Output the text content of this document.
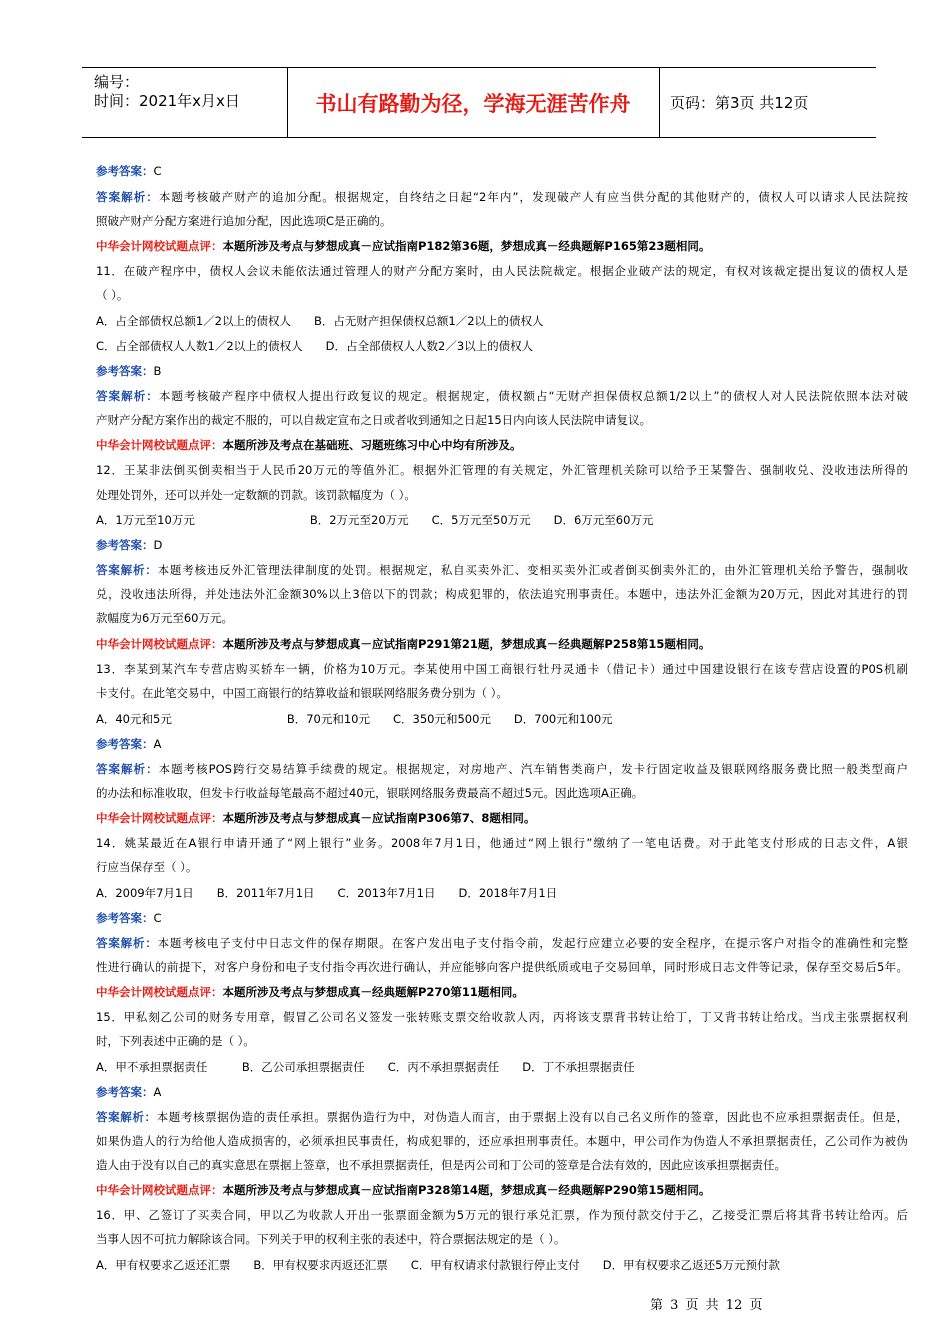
编号：
时间：2021年x月x日	书山有路勤为径，学海无涯苦作舟	页码：第3页 共12页
参考答案：C
答案解析：本题考核破产财产的追加分配。根据规定，自终结之日起“2年内”，发现破产人有应当供分配的其他财产的，债权人可以请求人民法院按
照破产财产分配方案进行追加分配，因此选项C是正确的。
中华会计网校试题点评：本题所涉及考点与梦想成真－应试指南P182第36题，梦想成真－经典题解P165第23题相同。
11．在破产程序中，债权人会议未能依法通过管理人的财产分配方案时，由人民法院裁定。根据企业破产法的规定，有权对该裁定提出复议的债权人是
（ ）。
A．占全部债权总额1／2以上的债权人　　B．占无财产担保债权总额1／2以上的债权人
C．占全部债权人人数1／2以上的债权人　　D．占全部债权人人数2／3以上的债权人
参考答案：B
答案解析：本题考核破产程序中债权人提出行政复议的规定。根据规定，债权额占“无财产担保债权总额1/2以上”的债权人对人民法院依照本法对破
产财产分配方案作出的裁定不服的，可以自裁定宣布之日或者收到通知之日起15日内向该人民法院申请复议。
中华会计网校试题点评：本题所涉及考点在基础班、习题班练习中心中均有所涉及。
12．王某非法倒买倒卖相当于人民币20万元的等值外汇。根据外汇管理的有关规定，外汇管理机关除可以给予王某警告、强制收兑、没收违法所得的
处理处罚外，还可以并处一定数额的罚款。该罚款幅度为（ ）。
A．1万元至10万元　　　　　　　　　　B．2万元至20万元　　C．5万元至50万元　　D．6万元至60万元
参考答案：D
答案解析：本题考核违反外汇管理法律制度的处罚。根据规定，私自买卖外汇、变相买卖外汇或者倒买倒卖外汇的，由外汇管理机关给予警告，强制收
兑，没收违法所得，并处违法外汇金额30%以上3倍以下的罚款；构成犯罪的，依法追究刑事责任。本题中，违法外汇金额为20万元，因此对其进行的罚
款幅度为6万元至60万元。
中华会计网校试题点评：本题所涉及考点与梦想成真－应试指南P291第21题，梦想成真－经典题解P258第15题相同。
13．李某到某汽车专营店购买轿车一辆，价格为10万元。李某使用中国工商银行牡丹灵通卡（借记卡）通过中国建设银行在该专营店设置的P0S机刷
卡支付。在此笔交易中，中国工商银行的结算收益和银联网络服务费分别为（ ）。
A．40元和5元　　　　　　　　　　B．70元和10元　　C．350元和500元　　D．700元和100元
参考答案：A
答案解析：本题考核POS跨行交易结算手续费的规定。根据规定，对房地产、汽车销售类商户，发卡行固定收益及银联网络服务费比照一般类型商户
的办法和标准收取，但发卡行收益每笔最高不超过40元，银联网络服务费最高不超过5元。因此选项A正确。
中华会计网校试题点评：本题所涉及考点与梦想成真－应试指南P306第7、8题相同。
14．姚某最近在A银行申请开通了“网上银行”业务。2008年7月1日，他通过“网上银行”缴纳了一笔电话费。对于此笔支付形成的日志文件，A银
行应当保存至（ ）。
A．2009年7月1日　　B．2011年7月1日　　C．2013年7月1日　　D．2018年7月1日
参考答案：C
答案解析：本题考核电子支付中日志文件的保存期限。在客户发出电子支付指令前，发起行应建立必要的安全程序，在提示客户对指令的准确性和完整
性进行确认的前提下，对客户身份和电子支付指令再次进行确认，并应能够向客户提供纸质或电子交易回单，同时形成日志文件等记录，保存至交易后5年。
中华会计网校试题点评：本题所涉及考点与梦想成真－经典题解P270第11题相同。
15．甲私刻乙公司的财务专用章，假冒乙公司名义签发一张转账支票交给收款人丙，丙将该支票背书转让给丁，丁又背书转让给戊。当戊主张票据权利
时，下列表述中正确的是（ ）。
A．甲不承担票据责任　　　B．乙公司承担票据责任　　C．丙不承担票据责任　　D．丁不承担票据责任
参考答案：A
答案解析：本题考核票据伪造的责任承担。票据伪造行为中，对伪造人而言，由于票据上没有以自己名义所作的签章，因此也不应承担票据责任。但是，
如果伪造人的行为给他人造成损害的，必须承担民事责任，构成犯罪的，还应承担刑事责任。本题中，甲公司作为伪造人不承担票据责任，乙公司作为被伪
造人由于没有以自己的真实意思在票据上签章，也不承担票据责任，但是丙公司和丁公司的签章是合法有效的，因此应该承担票据责任。
中华会计网校试题点评：本题所涉及考点与梦想成真－应试指南P328第14题，梦想成真－经典题解P290第15题相同。
16．甲、乙签订了买卖合同，甲以乙为收款人开出一张票面金额为5万元的银行承兑汇票，作为预付款交付于乙，乙接受汇票后将其背书转让给丙。后
当事人因不可抗力解除该合同。下列关于甲的权利主张的表述中，符合票据法规定的是（ ）。
A．甲有权要求乙返还汇票　　B．甲有权要求丙返还汇票　　C．甲有权请求付款银行停止支付　　D．甲有权要求乙返还5万元预付款
第 3 页 共 12 页
